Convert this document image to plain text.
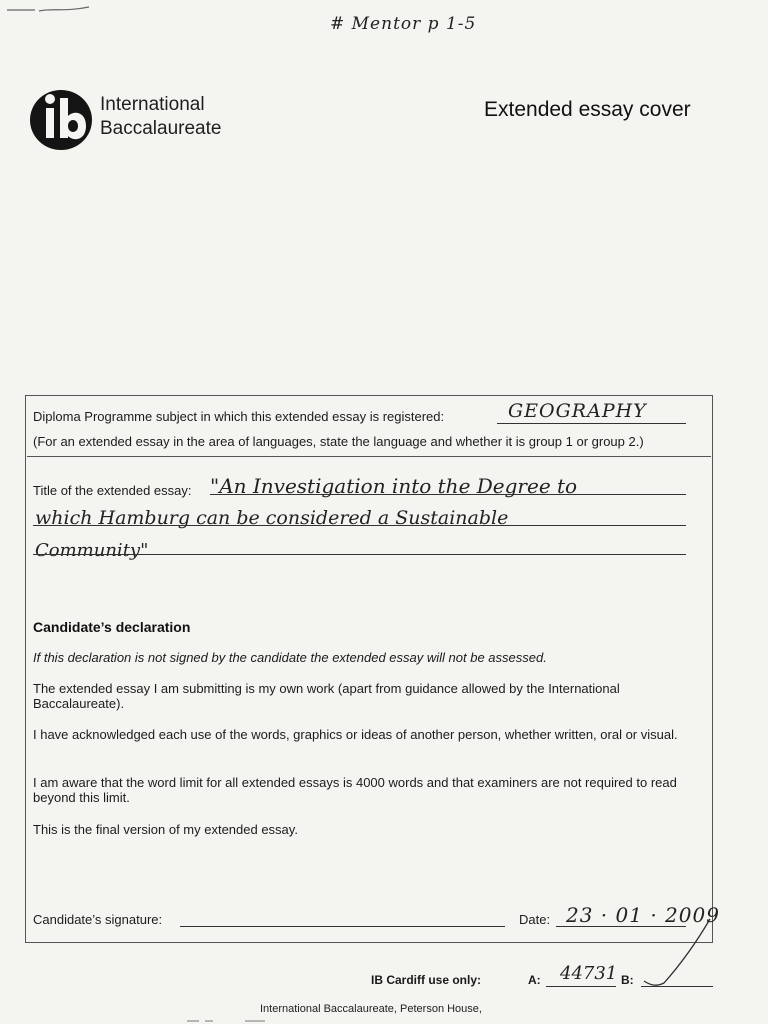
# Mentor p 1-5
International
Baccalaureate
Extended essay cover
Diploma Programme subject in which this extended essay is registered:	GEOGRAPHY
(For an extended essay in the area of languages, state the language and whether it is group 1 or group 2.)
Title of the extended essay: "An Investigation into the Degree to
which Hamburg can be considered a Sustainable
Community"
Candidate’s declaration
If this declaration is not signed by the candidate the extended essay will not be assessed.
The extended essay I am submitting is my own work (apart from guidance allowed by the International Baccalaureate).
I have acknowledged each use of the words, graphics or ideas of another person, whether written, oral or visual.
I am aware that the word limit for all extended essays is 4000 words and that examiners are not required to read beyond this limit.
This is the final version of my extended essay.
Candidate’s signature:	Date: 23 · 01 · 2009
IB Cardiff use only:	A: 44731 B:
International Baccalaureate, Peterson House,
